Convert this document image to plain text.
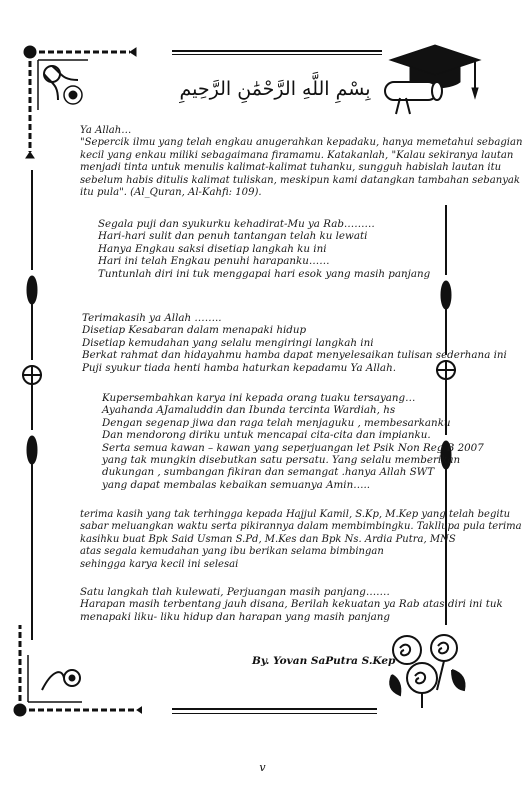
بِسْمِ اللَّهِ الرَّحْمَٰنِ الرَّحِيمِ
Ya Allah…
"Sepercik ilmu yang telah engkau anugerahkan kepadaku, hanya memetahui sebagian
kecil yang enkau miliki sebagaimana firamamu. Katakanlah, "Kalau sekiranya lautan
menjadi tinta untuk menulis kalimat-kalimat tuhanku, sungguh habislah lautan itu
sebelum habis ditulis kalimat tuliskan, meskipun kami datangkan tambahan sebanyak
itu pula". (Al_Quran, Al-Kahfi: 109).
Segala puji dan syukurku kehadirat-Mu ya Rab………
Hari-hari sulit dan penuh tantangan telah ku lewati
Hanya Engkau saksi disetiap langkah ku ini
Hari ini telah Engkau penuhi harapanku……
Tuntunlah diri ini tuk menggapai hari esok yang masih panjang
Terimakasih ya Allah ……..
Disetiap Kesabaran dalam menapaki hidup
Disetiap kemudahan yang selalu mengiringi langkah ini
Berkat rahmat dan hidayahmu hamba dapat menyelesaikan tulisan sederhana ini
Puji syukur tiada henti hamba haturkan kepadamu Ya Allah.
Kupersembahkan karya ini kepada orang tuaku tersayang…
Ayahanda AJamaluddin dan Ibunda tercinta Wardiah, hs
Dengan segenap jiwa dan raga telah menjaguku , membesarkanku
Dan mendorong diriku untuk mencapai cita-cita dan impianku.
Serta semua kawan – kawan yang seperjuangan let Psik Non Reg B 2007
yang tak mungkin disebutkan satu persatu. Yang selalu memberikan
dukungan , sumbangan fikiran dan semangat .hanya Allah SWT
yang dapat membalas kebaikan semuanya Amin…..
terima kasih yang tak terhingga kepada Hajjul Kamil, S.Kp, M.Kep yang telah begitu
sabar meluangkan waktu serta pikirannya dalam membimbingku. Takllupa pula terima
kasihku buat Bpk Said Usman S.Pd, M.Kes dan Bpk Ns. Ardia Putra, MNS
atas segala kemudahan yang ibu berikan selama bimbingan
sehingga karya kecil ini selesai
Satu langkah tlah kulewati, Perjuangan masih panjang…….
Harapan masih terbentang jauh disana, Berilah kekuatan ya Rab atas diri ini tuk
menapaki liku- liku hidup dan harapan yang masih panjang
By. Yovan SaPutra S.Kep
v
